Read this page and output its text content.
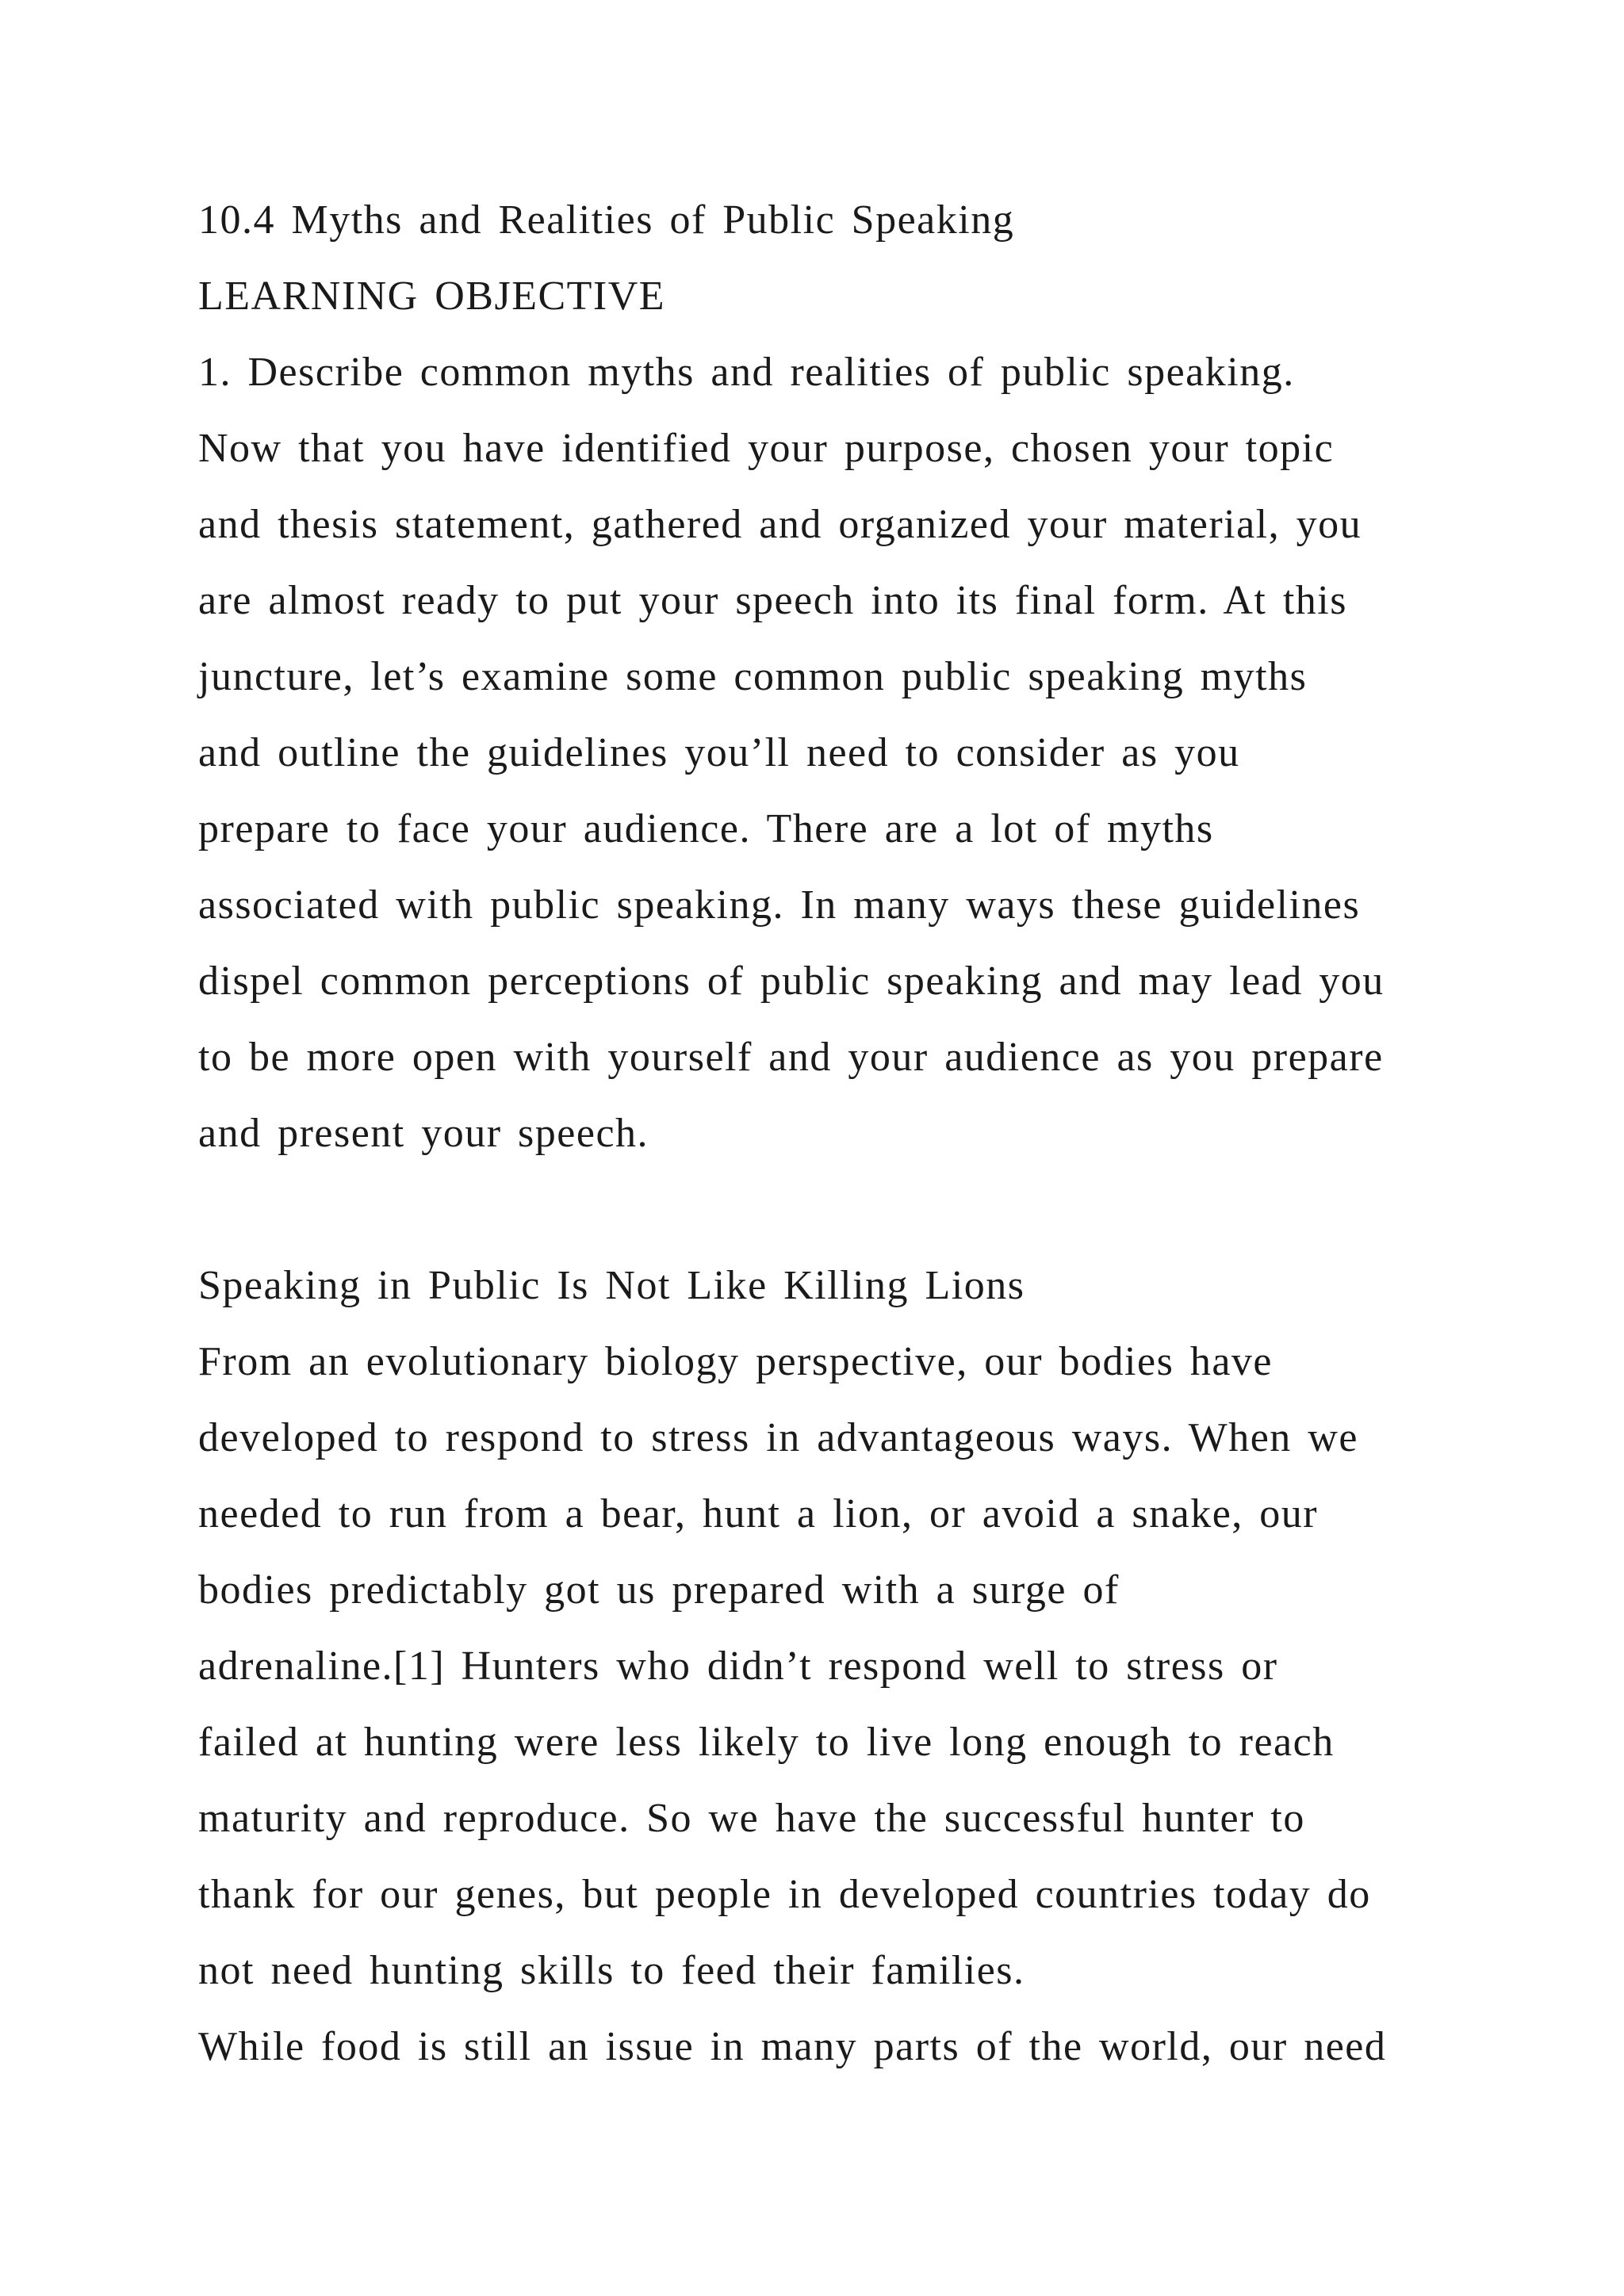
10.4 Myths and Realities of Public Speaking
LEARNING OBJECTIVE
1. Describe common myths and realities of public speaking.
Now that you have identified your purpose, chosen your topic
and thesis statement, gathered and organized your material, you
are almost ready to put your speech into its final form. At this
juncture, let’s examine some common public speaking myths
and outline the guidelines you’ll need to consider as you
prepare to face your audience. There are a lot of myths
associated with public speaking. In many ways these guidelines
dispel common perceptions of public speaking and may lead you
to be more open with yourself and your audience as you prepare
and present your speech.
Speaking in Public Is Not Like Killing Lions
From an evolutionary biology perspective, our bodies have
developed to respond to stress in advantageous ways. When we
needed to run from a bear, hunt a lion, or avoid a snake, our
bodies predictably got us prepared with a surge of
adrenaline.[1] Hunters who didn’t respond well to stress or
failed at hunting were less likely to live long enough to reach
maturity and reproduce. So we have the successful hunter to
thank for our genes, but people in developed countries today do
not need hunting skills to feed their families.
While food is still an issue in many parts of the world, our need
